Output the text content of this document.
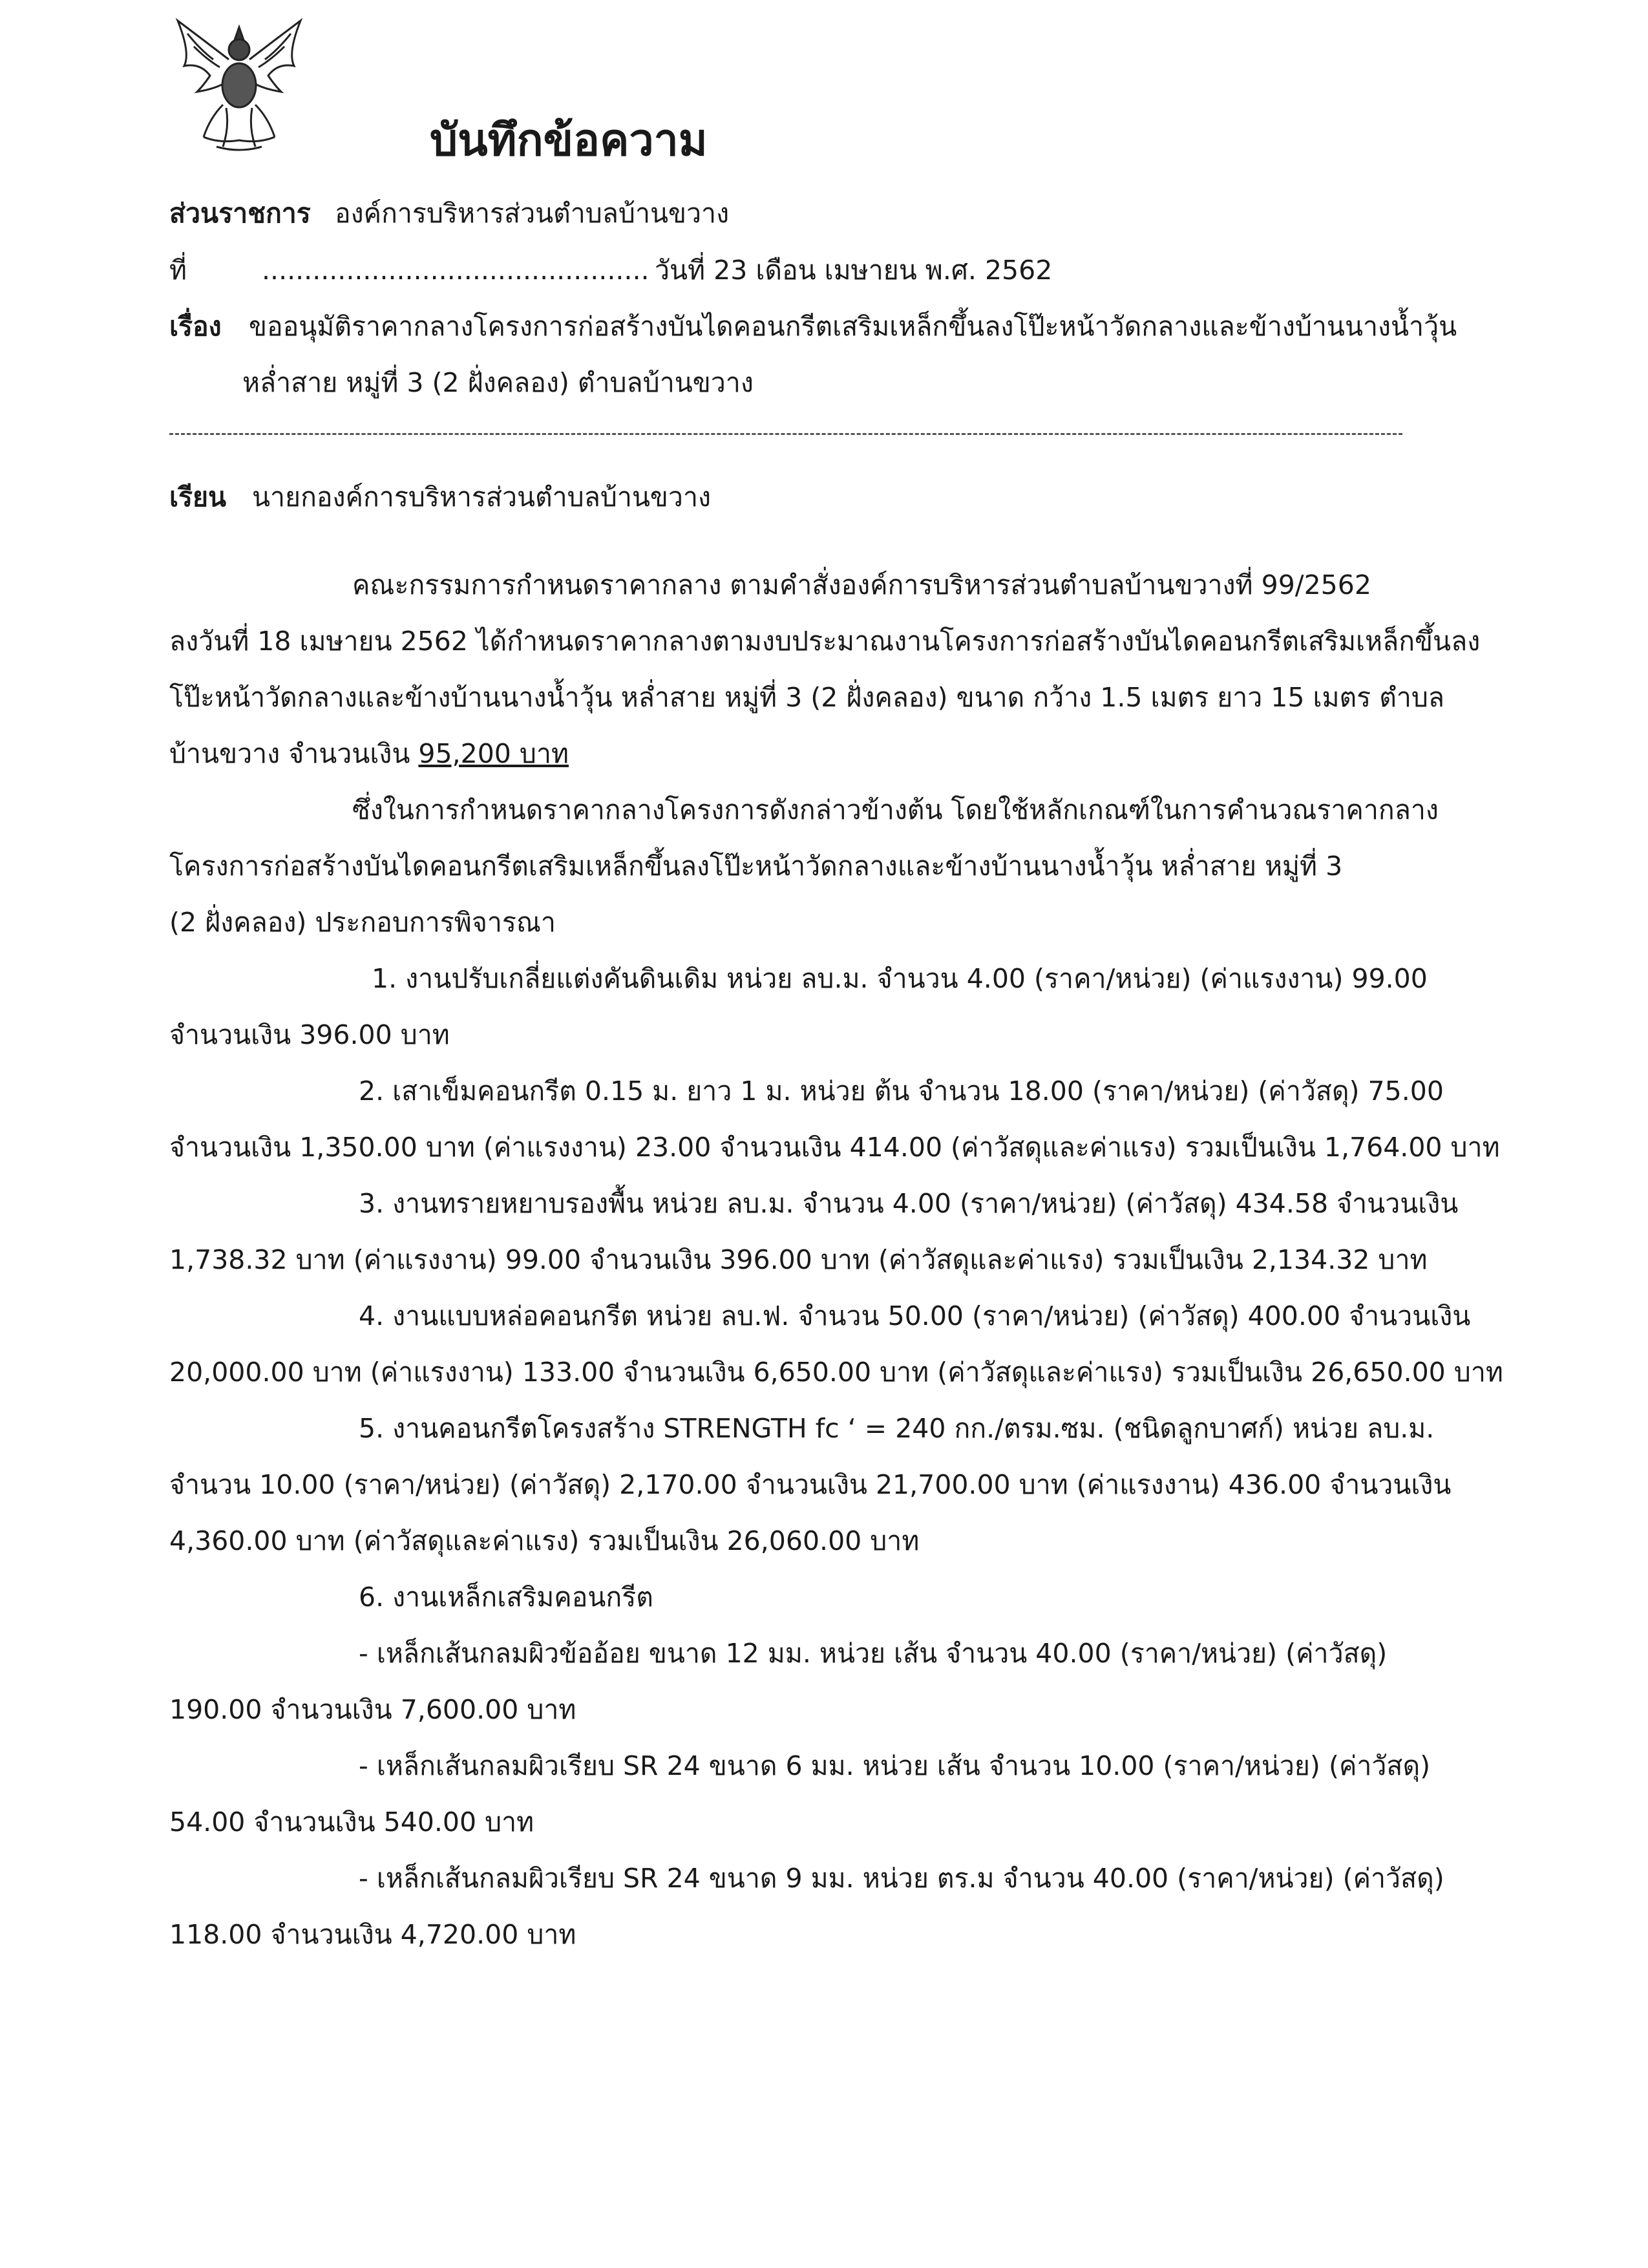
บันทึกข้อความ
ส่วนราชการ องค์การบริหารส่วนตำบลบ้านขวาง
ที่	.............................................. วันที่ 23 เดือน เมษายน พ.ศ. 2562
เรื่อง ขออนุมัติราคากลางโครงการก่อสร้างบันไดคอนกรีตเสริมเหล็กขึ้นลงโป๊ะหน้าวัดกลางและข้างบ้านนางน้ำวุ้น
หล่ำสาย หมู่ที่ 3 (2 ฝั่งคลอง) ตำบลบ้านขวาง
เรียน นายกองค์การบริหารส่วนตำบลบ้านขวาง
คณะกรรมการกำหนดราคากลาง ตามคำสั่งองค์การบริหารส่วนตำบลบ้านขวางที่ 99/2562
ลงวันที่ 18 เมษายน 2562 ได้กำหนดราคากลางตามงบประมาณงานโครงการก่อสร้างบันไดคอนกรีตเสริมเหล็กขึ้นลง
โป๊ะหน้าวัดกลางและข้างบ้านนางน้ำวุ้น หล่ำสาย หมู่ที่ 3 (2 ฝั่งคลอง) ขนาด กว้าง 1.5 เมตร ยาว 15 เมตร ตำบล
บ้านขวาง จำนวนเงิน 95,200 บาท
ซึ่งในการกำหนดราคากลางโครงการดังกล่าวข้างต้น โดยใช้หลักเกณฑ์ในการคำนวณราคากลาง
โครงการก่อสร้างบันไดคอนกรีตเสริมเหล็กขึ้นลงโป๊ะหน้าวัดกลางและข้างบ้านนางน้ำวุ้น หล่ำสาย หมู่ที่ 3
(2 ฝั่งคลอง) ประกอบการพิจารณา
1. งานปรับเกลี่ยแต่งคันดินเดิม หน่วย ลบ.ม. จำนวน 4.00 (ราคา/หน่วย) (ค่าแรงงาน) 99.00
จำนวนเงิน 396.00 บาท
2. เสาเข็มคอนกรีต 0.15 ม. ยาว 1 ม. หน่วย ต้น จำนวน 18.00 (ราคา/หน่วย) (ค่าวัสดุ) 75.00
จำนวนเงิน 1,350.00 บาท (ค่าแรงงาน) 23.00 จำนวนเงิน 414.00 (ค่าวัสดุและค่าแรง) รวมเป็นเงิน 1,764.00 บาท
3. งานทรายหยาบรองพื้น หน่วย ลบ.ม. จำนวน 4.00 (ราคา/หน่วย) (ค่าวัสดุ) 434.58 จำนวนเงิน
1,738.32 บาท (ค่าแรงงาน) 99.00 จำนวนเงิน 396.00 บาท (ค่าวัสดุและค่าแรง) รวมเป็นเงิน 2,134.32 บาท
4. งานแบบหล่อคอนกรีต หน่วย ลบ.ฟ. จำนวน 50.00 (ราคา/หน่วย) (ค่าวัสดุ) 400.00 จำนวนเงิน
20,000.00 บาท (ค่าแรงงาน) 133.00 จำนวนเงิน 6,650.00 บาท (ค่าวัสดุและค่าแรง) รวมเป็นเงิน 26,650.00 บาท
5. งานคอนกรีตโครงสร้าง STRENGTH fc ‘ = 240 กก./ตรม.ซม. (ชนิดลูกบาศก์) หน่วย ลบ.ม.
จำนวน 10.00 (ราคา/หน่วย) (ค่าวัสดุ) 2,170.00 จำนวนเงิน 21,700.00 บาท (ค่าแรงงาน) 436.00 จำนวนเงิน
4,360.00 บาท (ค่าวัสดุและค่าแรง) รวมเป็นเงิน 26,060.00 บาท
6. งานเหล็กเสริมคอนกรีต
- เหล็กเส้นกลมผิวข้ออ้อย ขนาด 12 มม. หน่วย เส้น จำนวน 40.00 (ราคา/หน่วย) (ค่าวัสดุ)
190.00 จำนวนเงิน 7,600.00 บาท
- เหล็กเส้นกลมผิวเรียบ SR 24 ขนาด 6 มม. หน่วย เส้น จำนวน 10.00 (ราคา/หน่วย) (ค่าวัสดุ)
54.00 จำนวนเงิน 540.00 บาท
- เหล็กเส้นกลมผิวเรียบ SR 24 ขนาด 9 มม. หน่วย ตร.ม จำนวน 40.00 (ราคา/หน่วย) (ค่าวัสดุ)
118.00 จำนวนเงิน 4,720.00 บาท
